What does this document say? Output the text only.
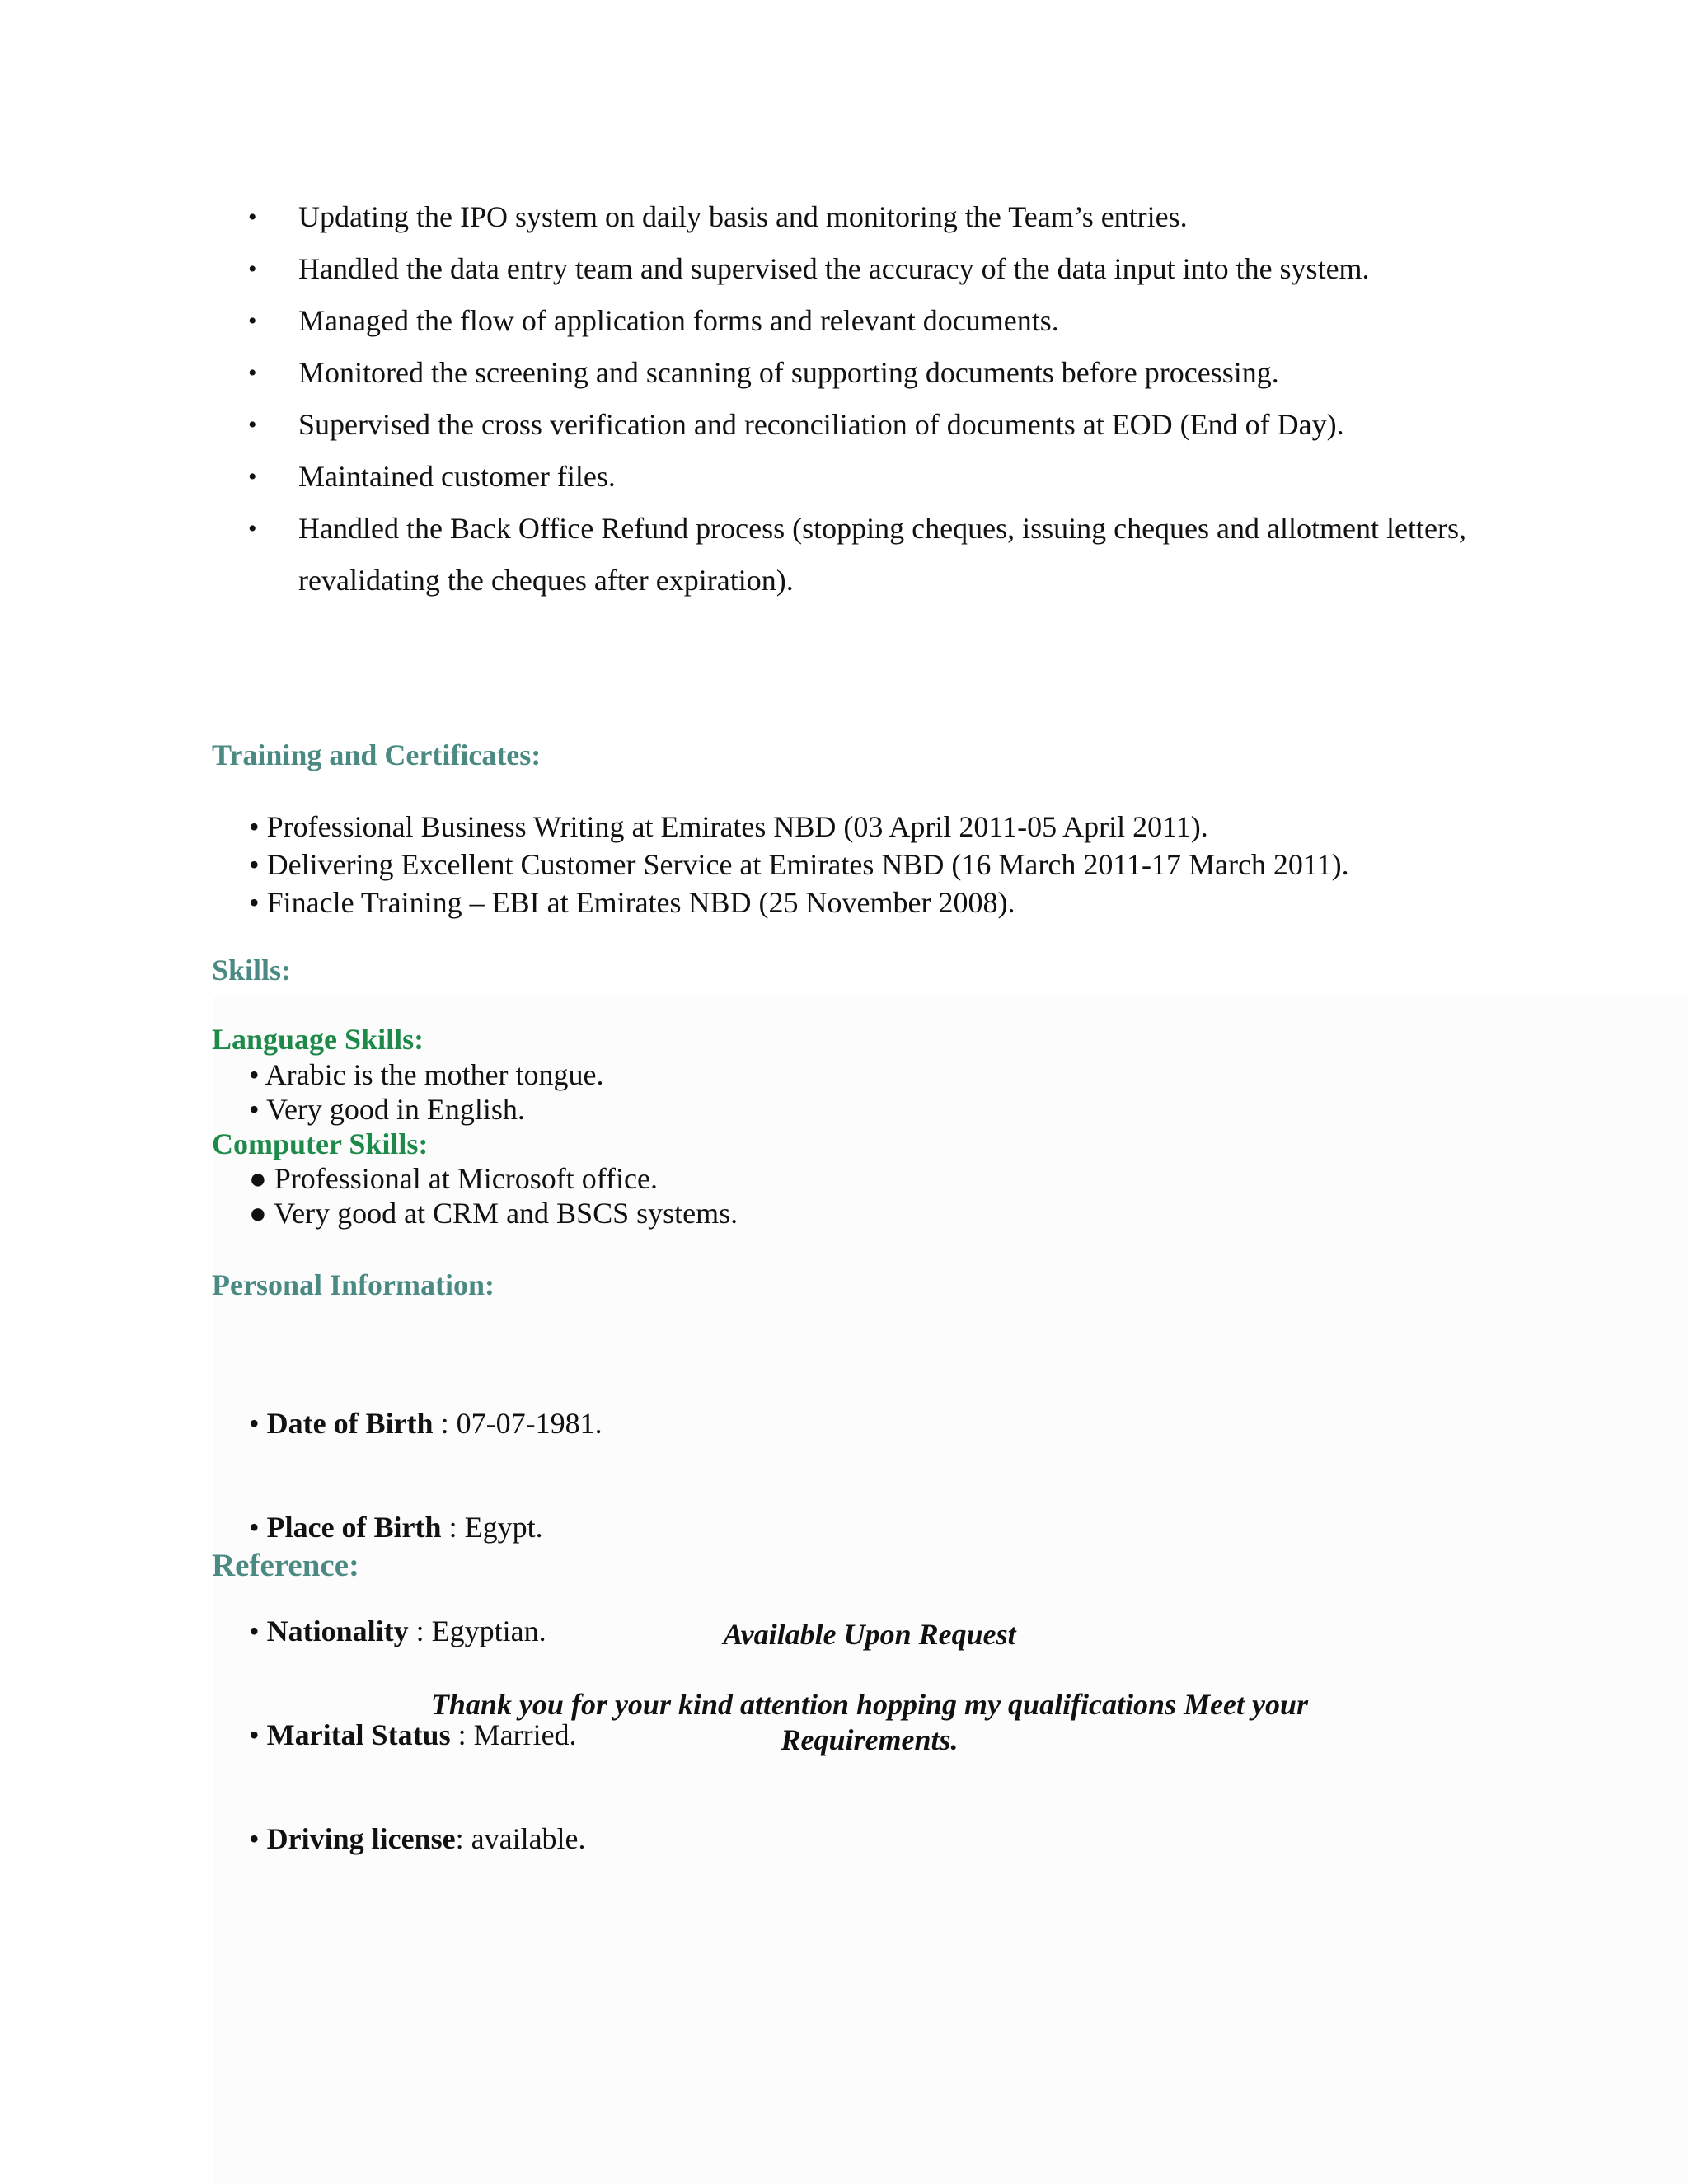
• Updating the IPO system on daily basis and monitoring the Team’s entries.
• Handled the data entry team and supervised the accuracy of the data input into the system.
• Managed the flow of application forms and relevant documents.
• Monitored the screening and scanning of supporting documents before processing.
• Supervised the cross verification and reconciliation of documents at EOD (End of Day).
• Maintained customer files.
• Handled the Back Office Refund process (stopping cheques, issuing cheques and allotment letters, revalidating the cheques after expiration).
Training and Certificates:
• Professional Business Writing at Emirates NBD (03 April 2011-05 April 2011).
• Delivering Excellent Customer Service at Emirates NBD (16 March 2011-17 March 2011).
• Finacle Training – EBI at Emirates NBD (25 November 2008).
Skills:
Language Skills:
• Arabic is the mother tongue.
• Very good in English.
Computer Skills:
● Professional at Microsoft office.
● Very good at CRM and BSCS systems.
Personal Information:

• Date of Birth : 07-07-1981.

• Place of Birth : Egypt.

• Nationality : Egyptian.

• Marital Status : Married.

• Driving license: available.

Reference:
Available Upon Request
Thank you for your kind attention hopping my qualifications Meet your
Requirements.
